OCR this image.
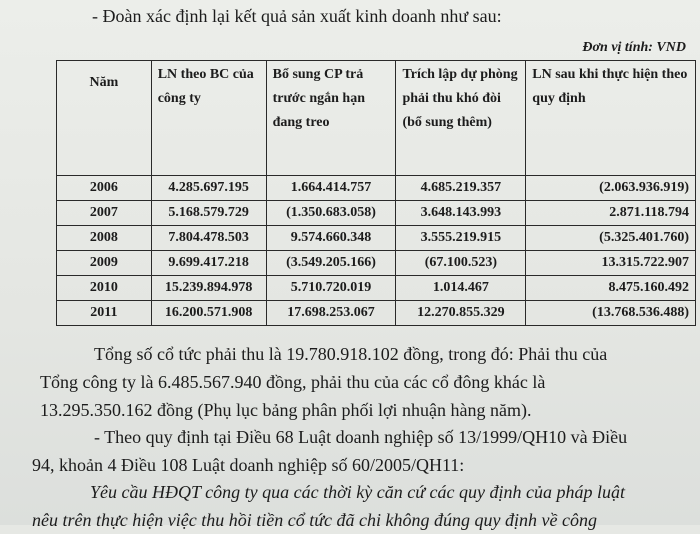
- Đoàn xác định lại kết quả sản xuất kinh doanh như sau:
Đơn vị tính: VND
Năm	LN theo BC của công ty	Bổ sung CP trả trước ngắn hạn đang treo	Trích lập dự phòng phải thu khó đòi (bổ sung thêm)	LN sau khi thực hiện theo quy định
2006	4.285.697.195	1.664.414.757	4.685.219.357	(2.063.936.919)
2007	5.168.579.729	(1.350.683.058)	3.648.143.993	2.871.118.794
2008	7.804.478.503	9.574.660.348	3.555.219.915	(5.325.401.760)
2009	9.699.417.218	(3.549.205.166)	(67.100.523)	13.315.722.907
2010	15.239.894.978	5.710.720.019	1.014.467	8.475.160.492
2011	16.200.571.908	17.698.253.067	12.270.855.329	(13.768.536.488)
Tổng số cổ tức phải thu là 19.780.918.102 đồng, trong đó: Phải thu của
Tổng công ty là 6.485.567.940 đồng, phải thu của các cổ đông khác là
13.295.350.162 đồng (Phụ lục bảng phân phối lợi nhuận hàng năm).
- Theo quy định tại Điều 68 Luật doanh nghiệp số 13/1999/QH10 và Điều
94, khoản 4 Điều 108 Luật doanh nghiệp số 60/2005/QH11:
Yêu cầu HĐQT công ty qua các thời kỳ căn cứ các quy định của pháp luật
nêu trên thực hiện việc thu hồi tiền cổ tức đã chi không đúng quy định về công
